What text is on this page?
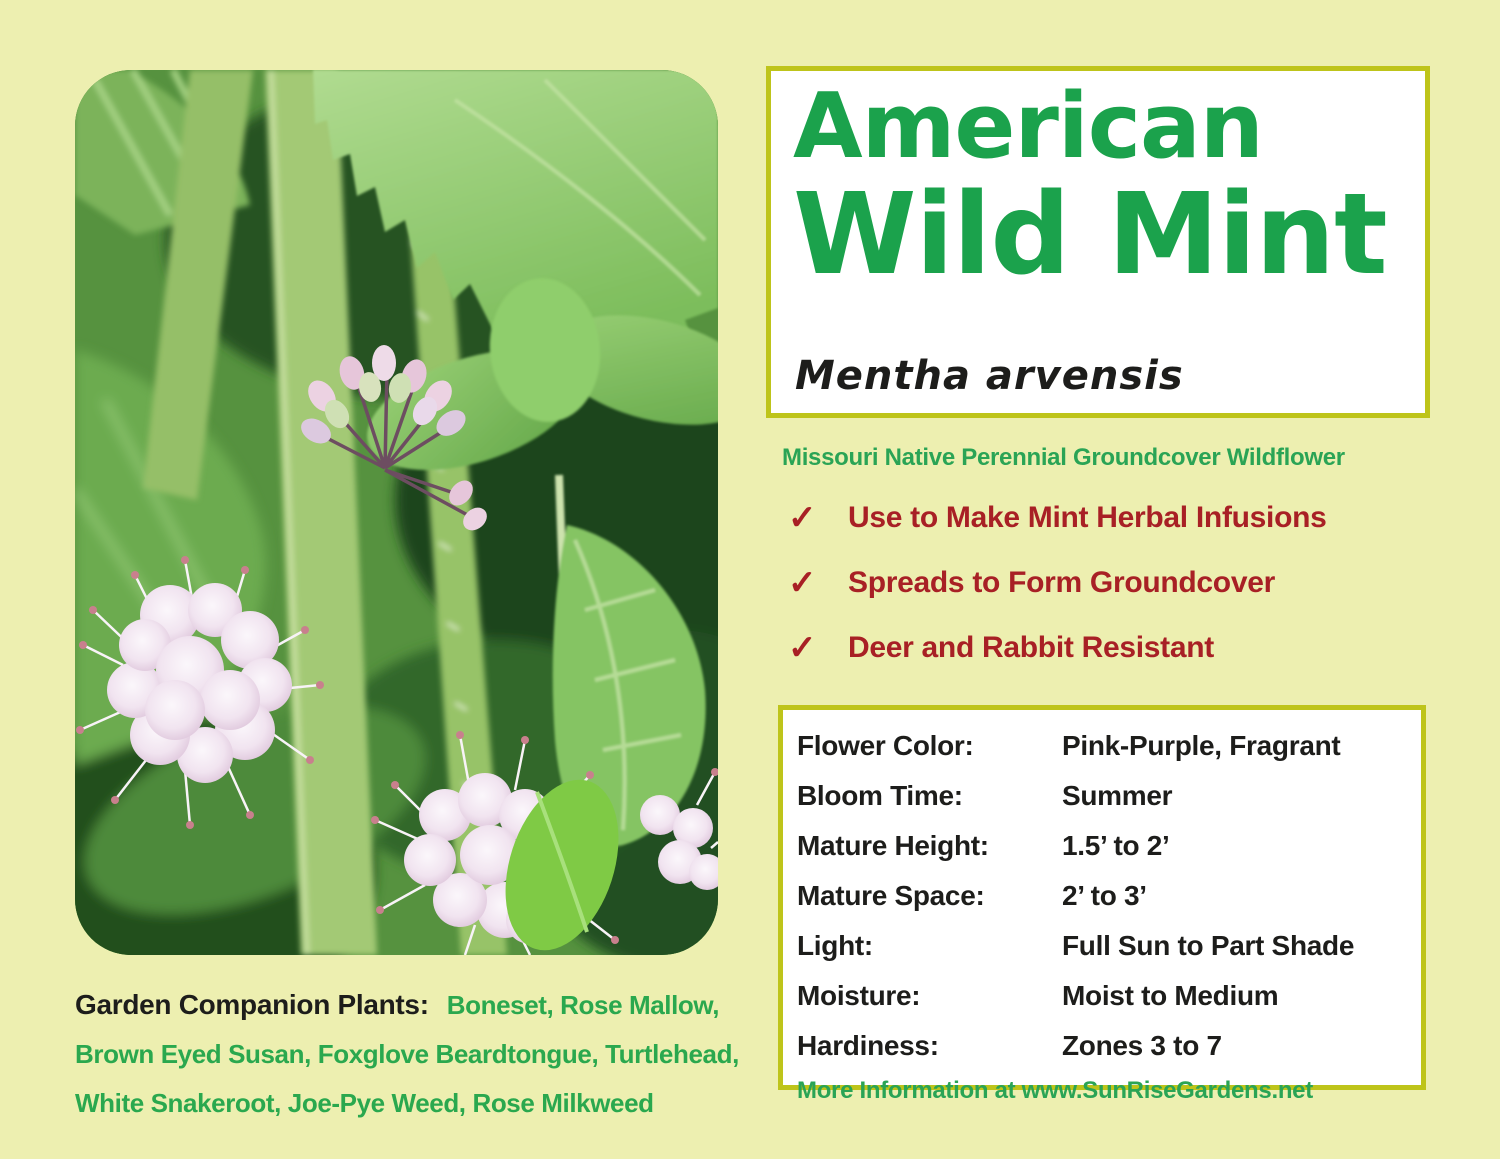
American
Wild Mint
Mentha arvensis
Missouri Native Perennial Groundcover Wildflower
✓	Use to Make Mint Herbal Infusions
✓	Spreads to Form Groundcover
✓	Deer and Rabbit Resistant
Flower Color:	Pink-Purple, Fragrant
Bloom Time:	Summer
Mature Height:	1.5’ to 2’
Mature Space:	2’ to 3’
Light:	Full Sun to Part Shade
Moisture:	Moist to Medium
Hardiness:	Zones 3 to 7
More Information at www.SunRiseGardens.net
Garden Companion Plants: Boneset, Rose Mallow,
Brown Eyed Susan, Foxglove Beardtongue, Turtlehead,
White Snakeroot, Joe-Pye Weed, Rose Milkweed
